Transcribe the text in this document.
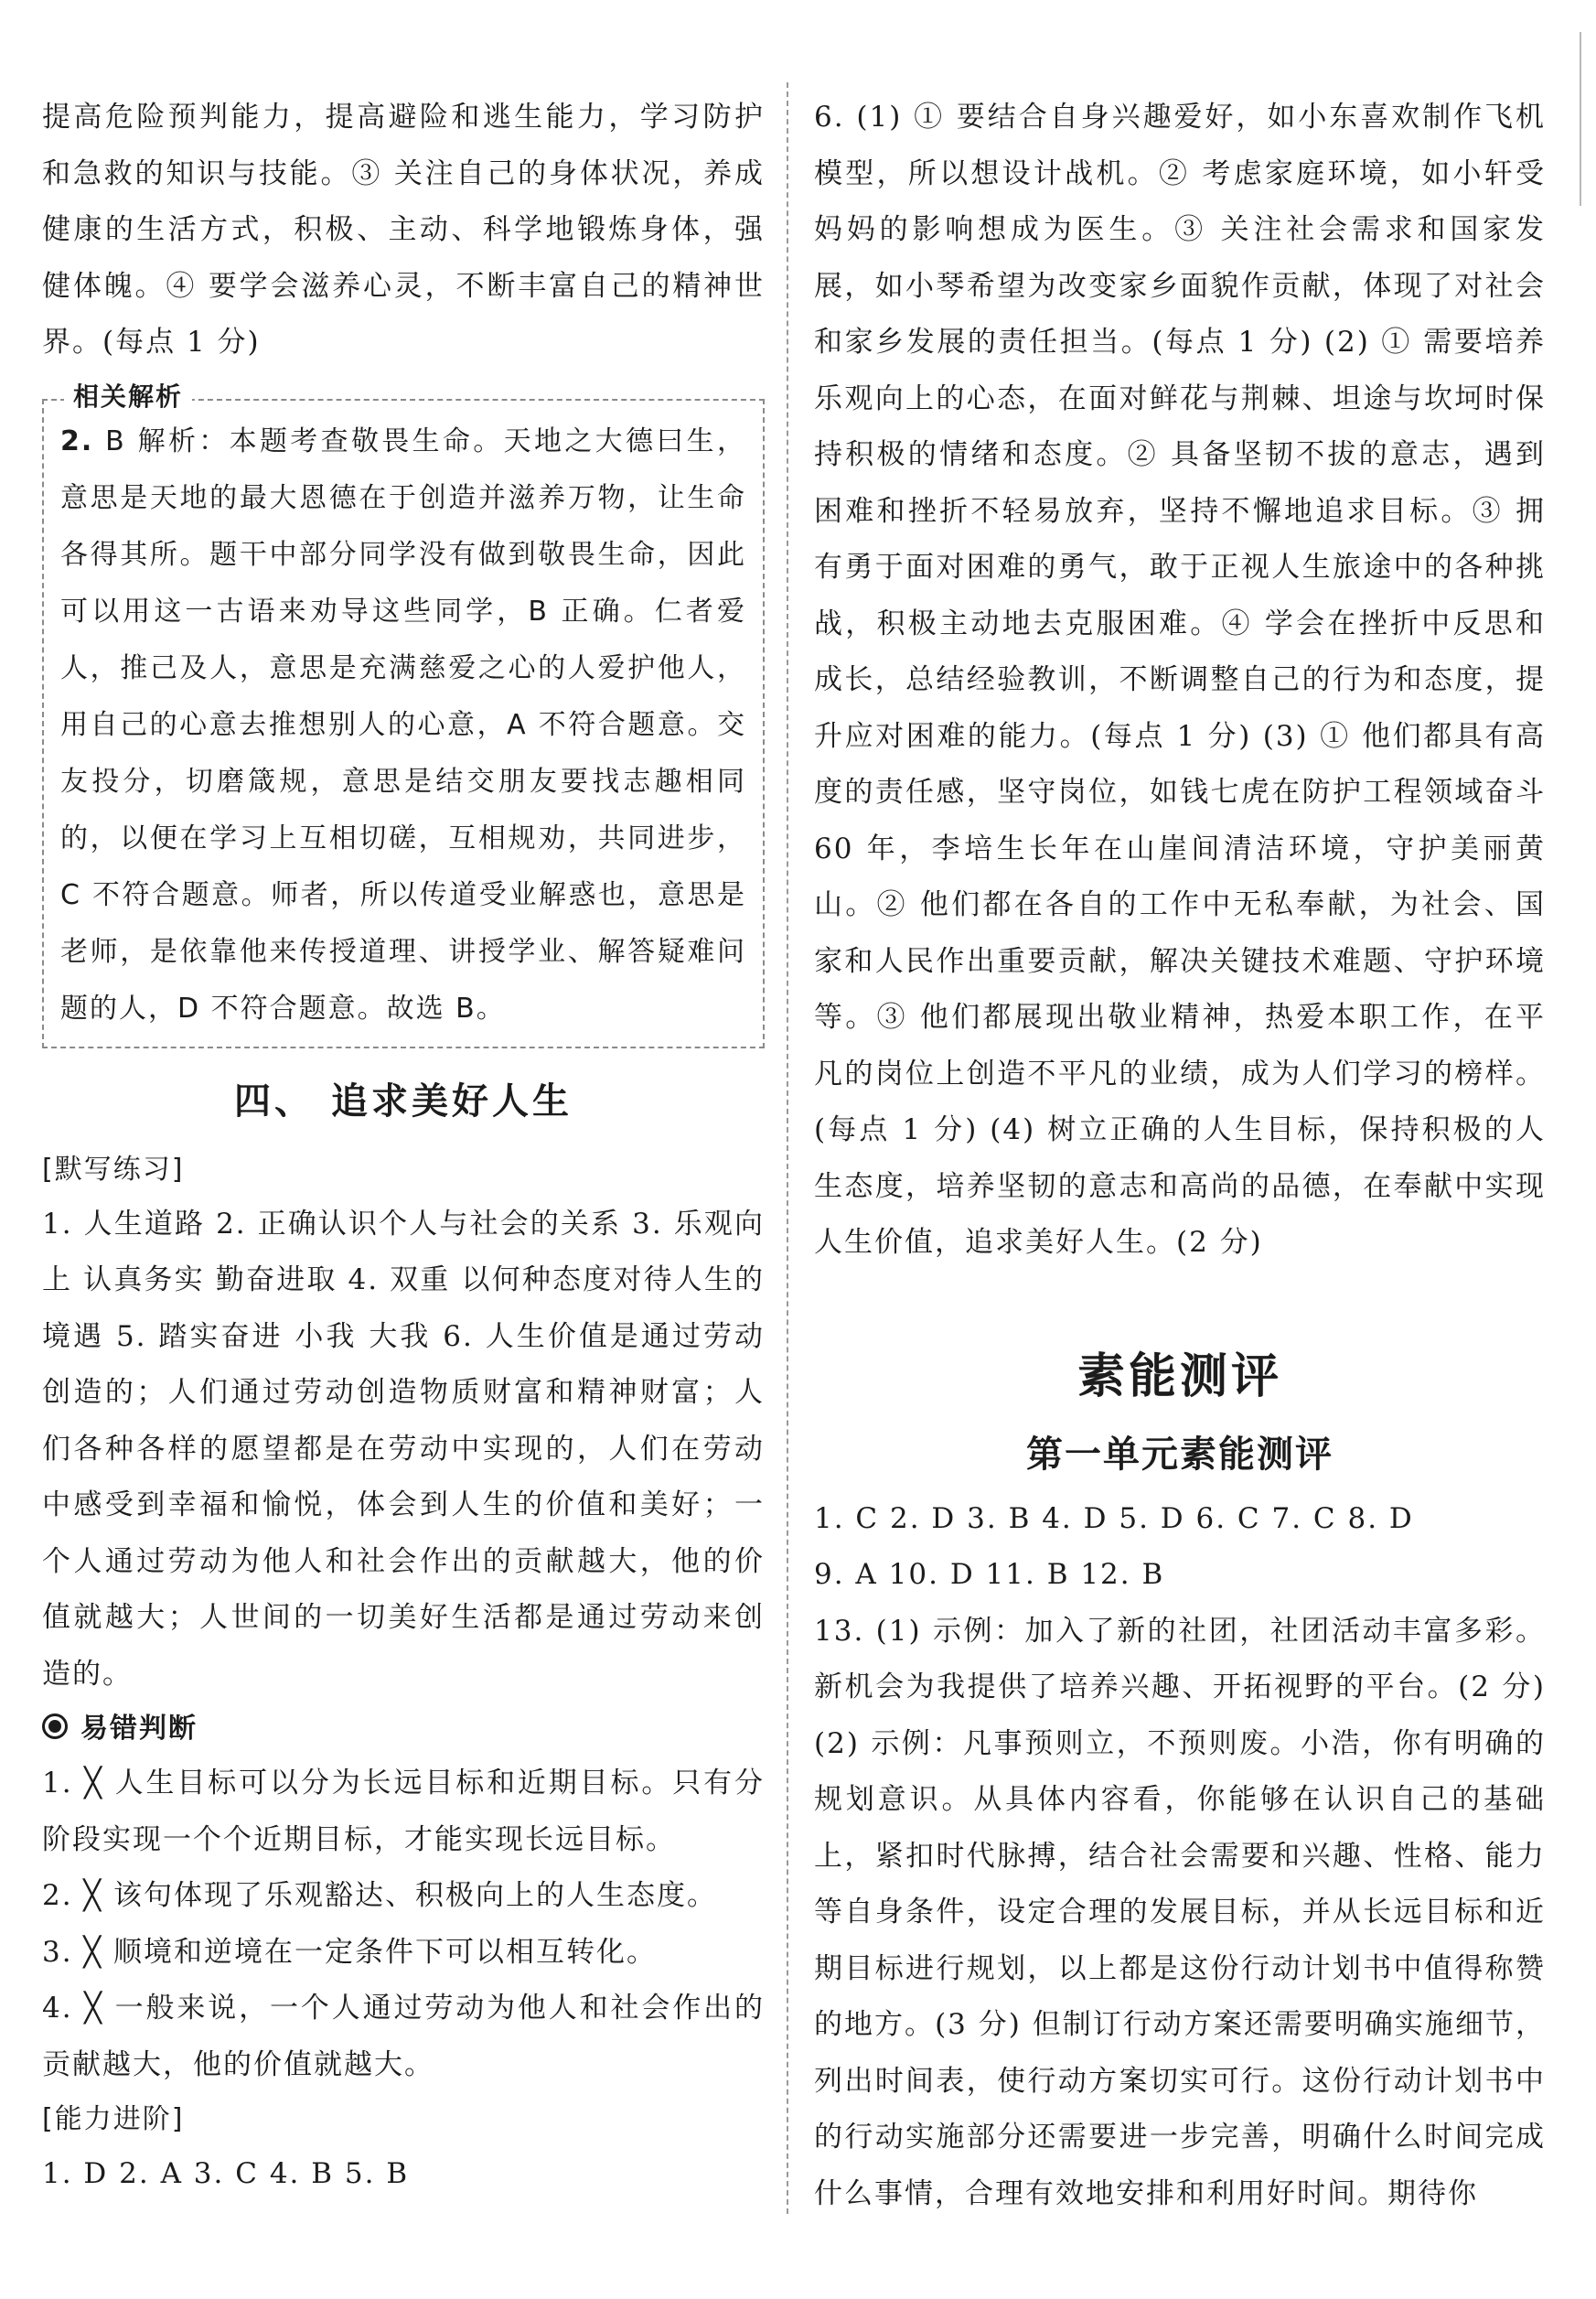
提高危险预判能力，提高避险和逃生能力，学习防护和急救的知识与技能。③ 关注自己的身体状况，养成健康的生活方式，积极、主动、科学地锻炼身体，强健体魄。④ 要学会滋养心灵，不断丰富自己的精神世界。(每点 1 分)

相关解析

2. B 解析：本题考查敬畏生命。天地之大德曰生，意思是天地的最大恩德在于创造并滋养万物，让生命各得其所。题干中部分同学没有做到敬畏生命，因此可以用这一古语来劝导这些同学，B 正确。仁者爱人，推己及人，意思是充满慈爱之心的人爱护他人，用自己的心意去推想别人的心意，A 不符合题意。交友投分，切磨箴规，意思是结交朋友要找志趣相同的，以便在学习上互相切磋，互相规劝，共同进步，C 不符合题意。师者，所以传道受业解惑也，意思是老师，是依靠他来传授道理、讲授学业、解答疑难问题的人，D 不符合题意。故选 B。

四、 追求美好人生
[默写练习]

1. 人生道路 2. 正确认识个人与社会的关系 3. 乐观向上 认真务实 勤奋进取 4. 双重 以何种态度对待人生的境遇 5. 踏实奋进 小我 大我 6. 人生价值是通过劳动创造的；人们通过劳动创造物质财富和精神财富；人们各种各样的愿望都是在劳动中实现的，人们在劳动中感受到幸福和愉悦，体会到人生的价值和美好；一个人通过劳动为他人和社会作出的贡献越大，他的价值就越大；人世间的一切美好生活都是通过劳动来创造的。

易错判断

1. ╳ 人生目标可以分为长远目标和近期目标。只有分阶段实现一个个近期目标，才能实现长远目标。

2. ╳ 该句体现了乐观豁达、积极向上的人生态度。

3. ╳ 顺境和逆境在一定条件下可以相互转化。

4. ╳ 一般来说，一个人通过劳动为他人和社会作出的贡献越大，他的价值就越大。

[能力进阶]

1. D 2. A 3. C 4. B 5. B

6. (1) ① 要结合自身兴趣爱好，如小东喜欢制作飞机模型，所以想设计战机。② 考虑家庭环境，如小轩受妈妈的影响想成为医生。③ 关注社会需求和国家发展，如小琴希望为改变家乡面貌作贡献，体现了对社会和家乡发展的责任担当。(每点 1 分) (2) ① 需要培养乐观向上的心态，在面对鲜花与荆棘、坦途与坎坷时保持积极的情绪和态度。② 具备坚韧不拔的意志，遇到困难和挫折不轻易放弃，坚持不懈地追求目标。③ 拥有勇于面对困难的勇气，敢于正视人生旅途中的各种挑战，积极主动地去克服困难。④ 学会在挫折中反思和成长，总结经验教训，不断调整自己的行为和态度，提升应对困难的能力。(每点 1 分) (3) ① 他们都具有高度的责任感，坚守岗位，如钱七虎在防护工程领域奋斗 60 年，李培生长年在山崖间清洁环境，守护美丽黄山。② 他们都在各自的工作中无私奉献，为社会、国家和人民作出重要贡献，解决关键技术难题、守护环境等。③ 他们都展现出敬业精神，热爱本职工作，在平凡的岗位上创造不平凡的业绩，成为人们学习的榜样。(每点 1 分) (4) 树立正确的人生目标，保持积极的人生态度，培养坚韧的意志和高尚的品德，在奉献中实现人生价值，追求美好人生。(2 分)

素能测评
第一单元素能测评

1. C 2. D 3. B 4. D 5. D 6. C 7. C 8. D

9. A 10. D 11. B 12. B

13. (1) 示例：加入了新的社团，社团活动丰富多彩。新机会为我提供了培养兴趣、开拓视野的平台。(2 分) (2) 示例：凡事预则立，不预则废。小浩，你有明确的规划意识。从具体内容看，你能够在认识自己的基础上，紧扣时代脉搏，结合社会需要和兴趣、性格、能力等自身条件，设定合理的发展目标，并从长远目标和近期目标进行规划，以上都是这份行动计划书中值得称赞的地方。(3 分) 但制订行动方案还需要明确实施细节，列出时间表，使行动方案切实可行。这份行动计划书中的行动实施部分还需要进一步完善，明确什么时间完成什么事情，合理有效地安排和利用好时间。期待你
